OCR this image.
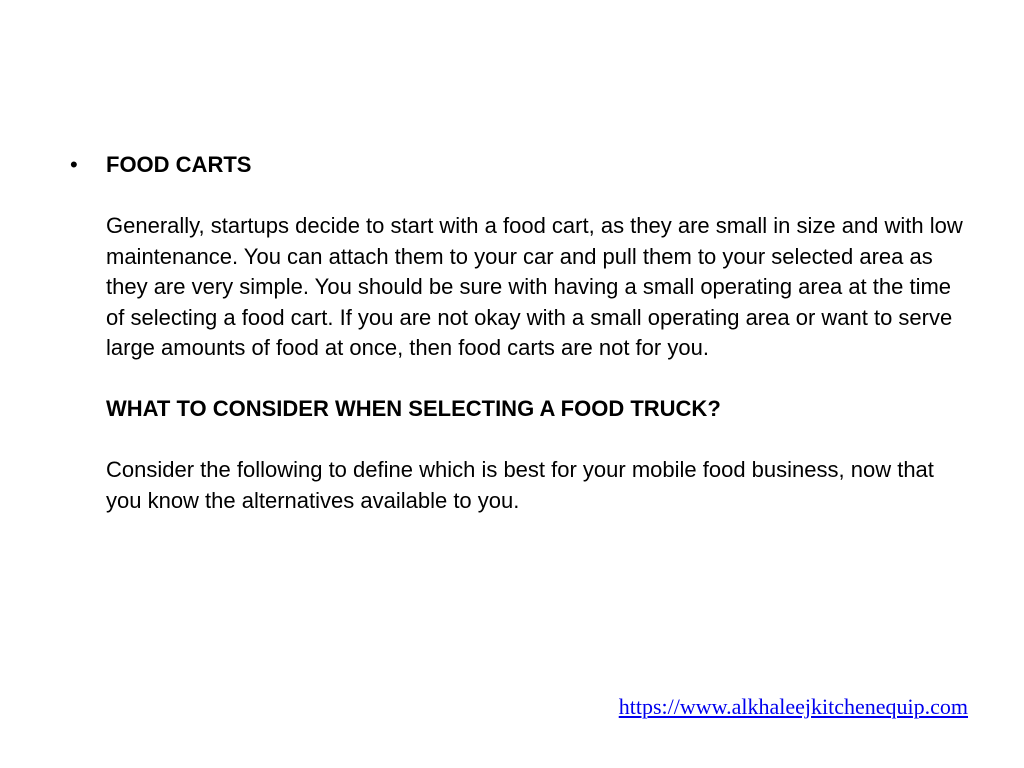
•	FOOD CARTS

Generally, startups decide to start with a food cart, as they are small in size and with low maintenance. You can attach them to your car and pull them to your selected area as they are very simple. You should be sure with having a small operating area at the time of selecting a food cart. If you are not okay with a small operating area or want to serve large amounts of food at once, then food carts are not for you.

WHAT TO CONSIDER WHEN SELECTING A FOOD TRUCK?

Consider the following to define which is best for your mobile food business, now that you know the alternatives available to you.

https://www.alkhaleejkitchenequip.com
